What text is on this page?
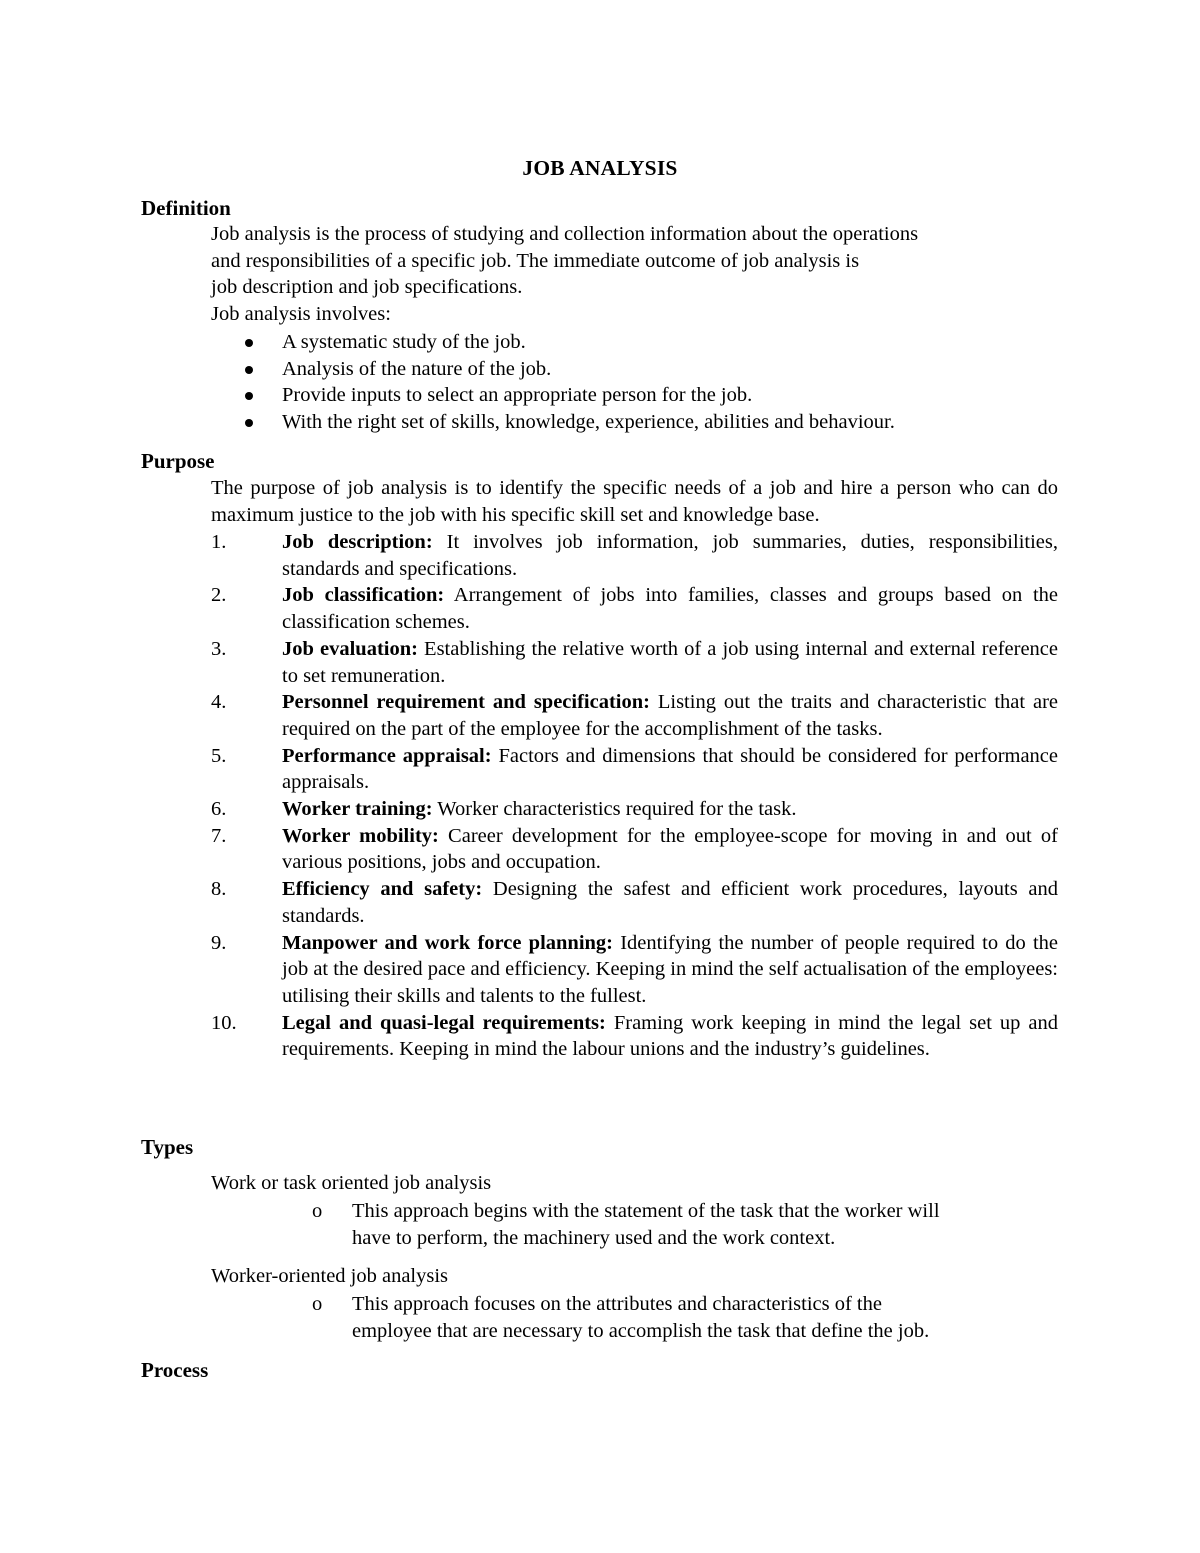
JOB ANALYSIS
Definition
Job analysis is the process of studying and collection information about the operations
and responsibilities of a specific job. The immediate outcome of job analysis is
job description and job specifications.
Job analysis involves:
A systematic study of the job.
Analysis of the nature of the job.
Provide inputs to select an appropriate person for the job.
With the right set of skills, knowledge, experience, abilities and behaviour.
Purpose
The purpose of job analysis is to identify the specific needs of a job and hire a person who can do maximum justice to the job with his specific skill set and knowledge base.
1.	Job description: It involves job information, job summaries, duties, responsibilities, standards and specifications.
2.	Job classification: Arrangement of jobs into families, classes and groups based on the classification schemes.
3.	Job evaluation: Establishing the relative worth of a job using internal and external reference to set remuneration.
4.	Personnel requirement and specification: Listing out the traits and characteristic that are required on the part of the employee for the accomplishment of the tasks.
5.	Performance appraisal: Factors and dimensions that should be considered for performance appraisals.
6.	Worker training: Worker characteristics required for the task.
7.	Worker mobility: Career development for the employee-scope for moving in and out of various positions, jobs and occupation.
8.	Efficiency and safety: Designing the safest and efficient work procedures, layouts and standards.
9.	Manpower and work force planning: Identifying the number of people required to do the job at the desired pace and efficiency. Keeping in mind the self actualisation of the employees: utilising their skills and talents to the fullest.
10.	Legal and quasi-legal requirements: Framing work keeping in mind the legal set up and requirements. Keeping in mind the labour unions and the industry’s guidelines.
Types
Work or task oriented job analysis
o This approach begins with the statement of the task that the worker will
have to perform, the machinery used and the work context.
Worker-oriented job analysis
o This approach focuses on the attributes and characteristics of the
employee that are necessary to accomplish the task that define the job.
Process
